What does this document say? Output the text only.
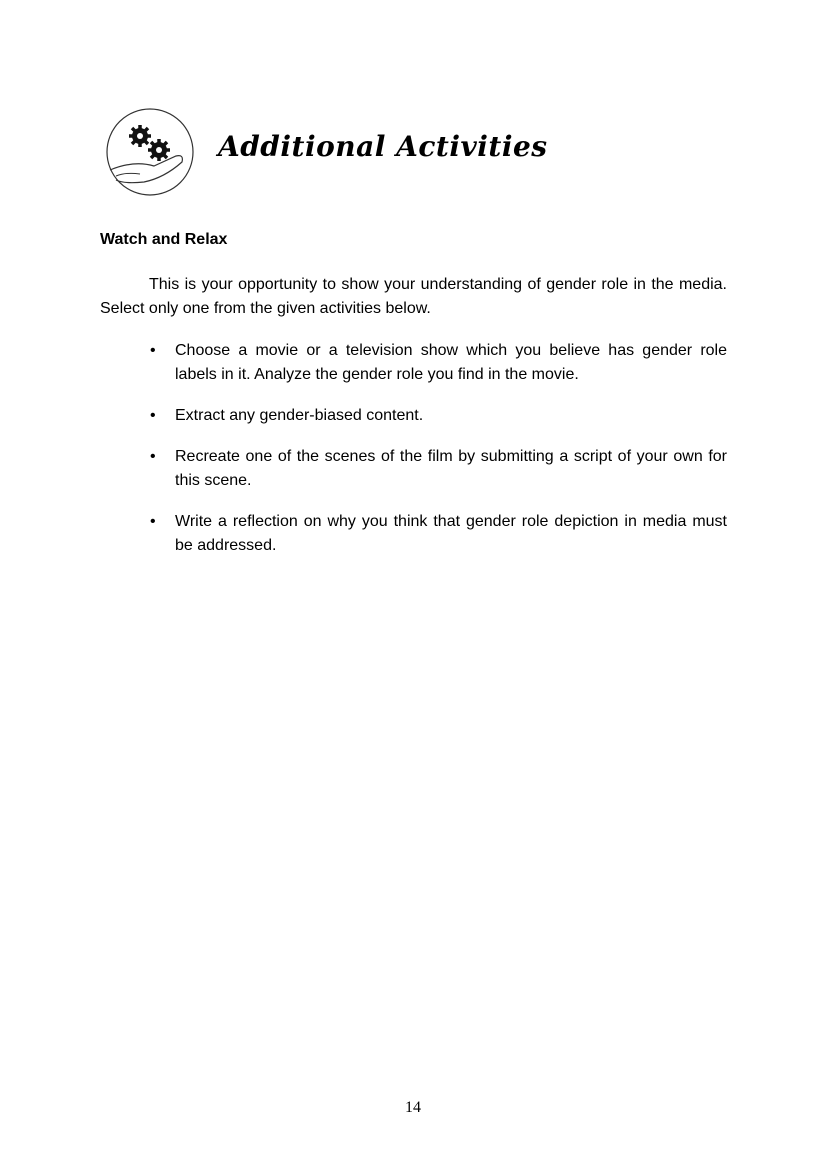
Additional Activities
Watch and Relax

This is your opportunity to show your understanding of gender role in the media. Select only one from the given activities below.

• Choose a movie or a television show which you believe has gender role labels in it. Analyze the gender role you find in the movie.
• Extract any gender-biased content.
• Recreate one of the scenes of the film by submitting a script of your own for this scene.
• Write a reflection on why you think that gender role depiction in media must be addressed.
14
